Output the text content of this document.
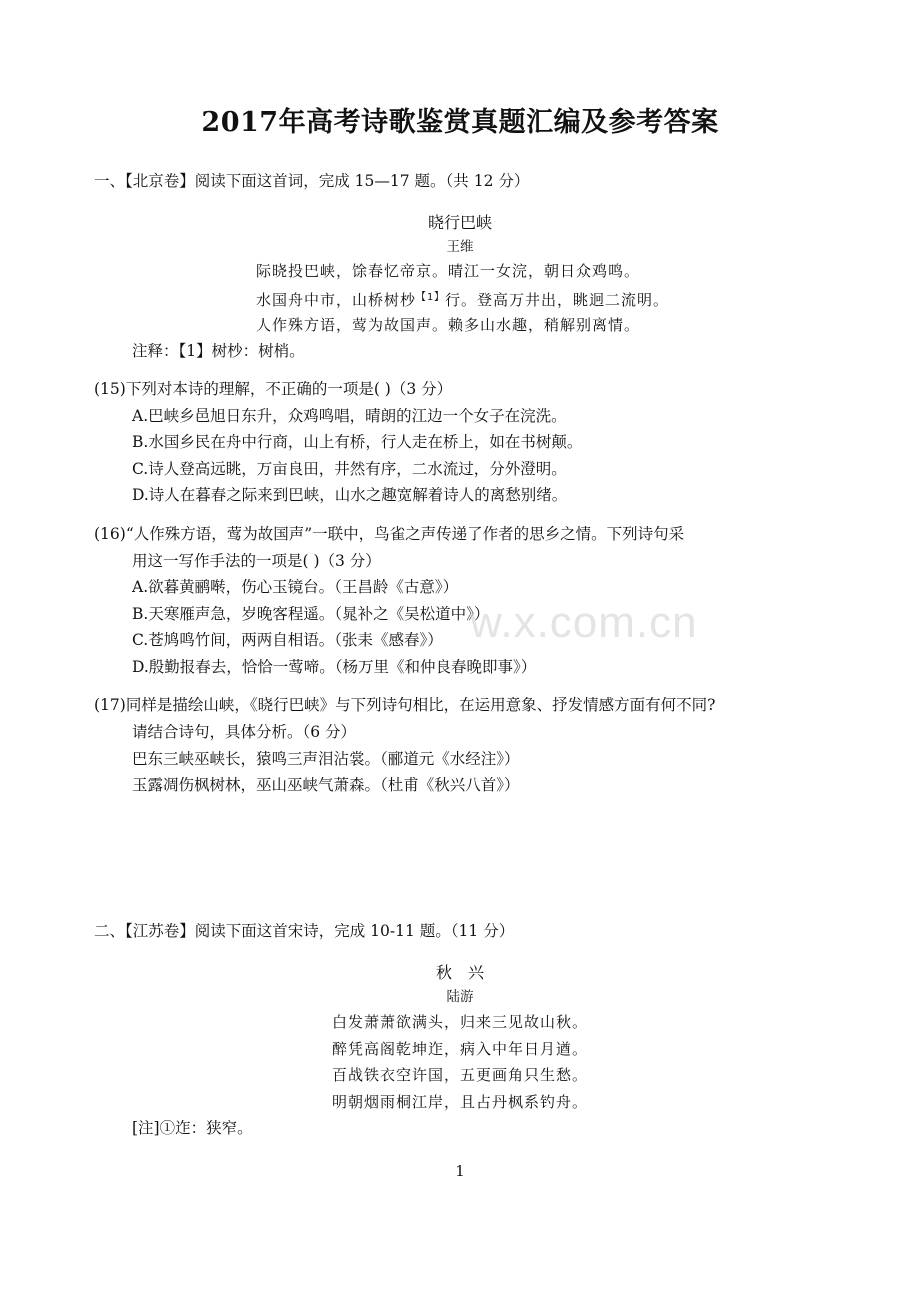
2017年高考诗歌鉴赏真题汇编及参考答案
一、【北京卷】阅读下面这首词，完成 15—17 题。（共 12 分）
晓行巴峡
王维
际晓投巴峡，馀春忆帝京。晴江一女浣，朝日众鸡鸣。
水国舟中市，山桥树杪$^{【1】}$行。登高万井出，眺迥二流明。
人作殊方语，莺为故国声。赖多山水趣，稍解别离情。
注释：【1】树杪：树梢。
(15)下列对本诗的理解，不正确的一项是( )（3 分）
A.巴峡乡邑旭日东升，众鸡鸣唱，晴朗的江边一个女子在浣洗。
B.水国乡民在舟中行商，山上有桥，行人走在桥上，如在书树颠。
C.诗人登高远眺，万亩良田，井然有序，二水流过，分外澄明。
D.诗人在暮春之际来到巴峡，山水之趣宽解着诗人的离愁别绪。
(16)“人作殊方语，莺为故国声”一联中，鸟雀之声传递了作者的思乡之情。下列诗句采
用这一写作手法的一项是( )（3 分）
A.欲暮黄鹂啭，伤心玉镜台。（王昌龄《古意》）
B.天寒雁声急，岁晚客程遥。（晁补之《吴松道中》）
C.苍鸠鸣竹间，两两自相语。（张耒《感春》）
D.殷勤报春去，恰恰一莺啼。（杨万里《和仲良春晚即事》）
w.x.com.cn
(17)同样是描绘山峡，《晓行巴峡》与下列诗句相比，在运用意象、抒发情感方面有何不同?
请结合诗句，具体分析。（6 分）
巴东三峡巫峡长，猿鸣三声泪沾裳。（郦道元《水经注》）
玉露凋伤枫树林，巫山巫峡气萧森。（杜甫《秋兴八首》）
二、【江苏卷】阅读下面这首宋诗，完成 10-11 题。（11 分）
秋　兴
陆游
白发萧萧欲满头，归来三见故山秋。
醉凭高阁乾坤迮，病入中年日月遒。
百战铁衣空许国，五更画角只生愁。
明朝烟雨桐江岸，且占丹枫系钓舟。
[注]①迮：狭窄。
1
